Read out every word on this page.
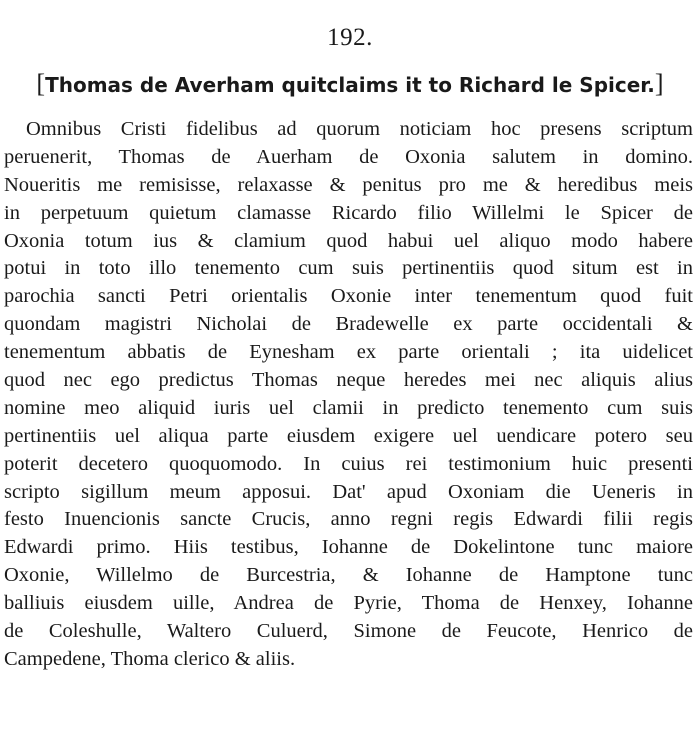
192.
[Thomas de Averham quitclaims it to Richard le Spicer.]
Omnibus Cristi fidelibus ad quorum noticiam hoc presens scriptum
peruenerit, Thomas de Auerham de Oxonia salutem in domino.
Noueritis me remisisse, relaxasse & penitus pro me & heredibus meis
in perpetuum quietum clamasse Ricardo filio Willelmi le Spicer de
Oxonia totum ius & clamium quod habui uel aliquo modo habere
potui in toto illo tenemento cum suis pertinentiis quod situm est in
parochia sancti Petri orientalis Oxonie inter tenementum quod fuit
quondam magistri Nicholai de Bradewelle ex parte occidentali &
tenementum abbatis de Eynesham ex parte orientali ; ita uidelicet
quod nec ego predictus Thomas neque heredes mei nec aliquis alius
nomine meo aliquid iuris uel clamii in predicto tenemento cum suis
pertinentiis uel aliqua parte eiusdem exigere uel uendicare potero seu
poterit decetero quoquomodo. In cuius rei testimonium huic presenti
scripto sigillum meum apposui. Dat' apud Oxoniam die Ueneris in
festo Inuencionis sancte Crucis, anno regni regis Edwardi filii regis
Edwardi primo. Hiis testibus, Iohanne de Dokelintone tunc maiore
Oxonie, Willelmo de Burcestria, & Iohanne de Hamptone tunc
balliuis eiusdem uille, Andrea de Pyrie, Thoma de Henxey, Iohanne
de Coleshulle, Waltero Culuerd, Simone de Feucote, Henrico de
Campedene, Thoma clerico & aliis.
